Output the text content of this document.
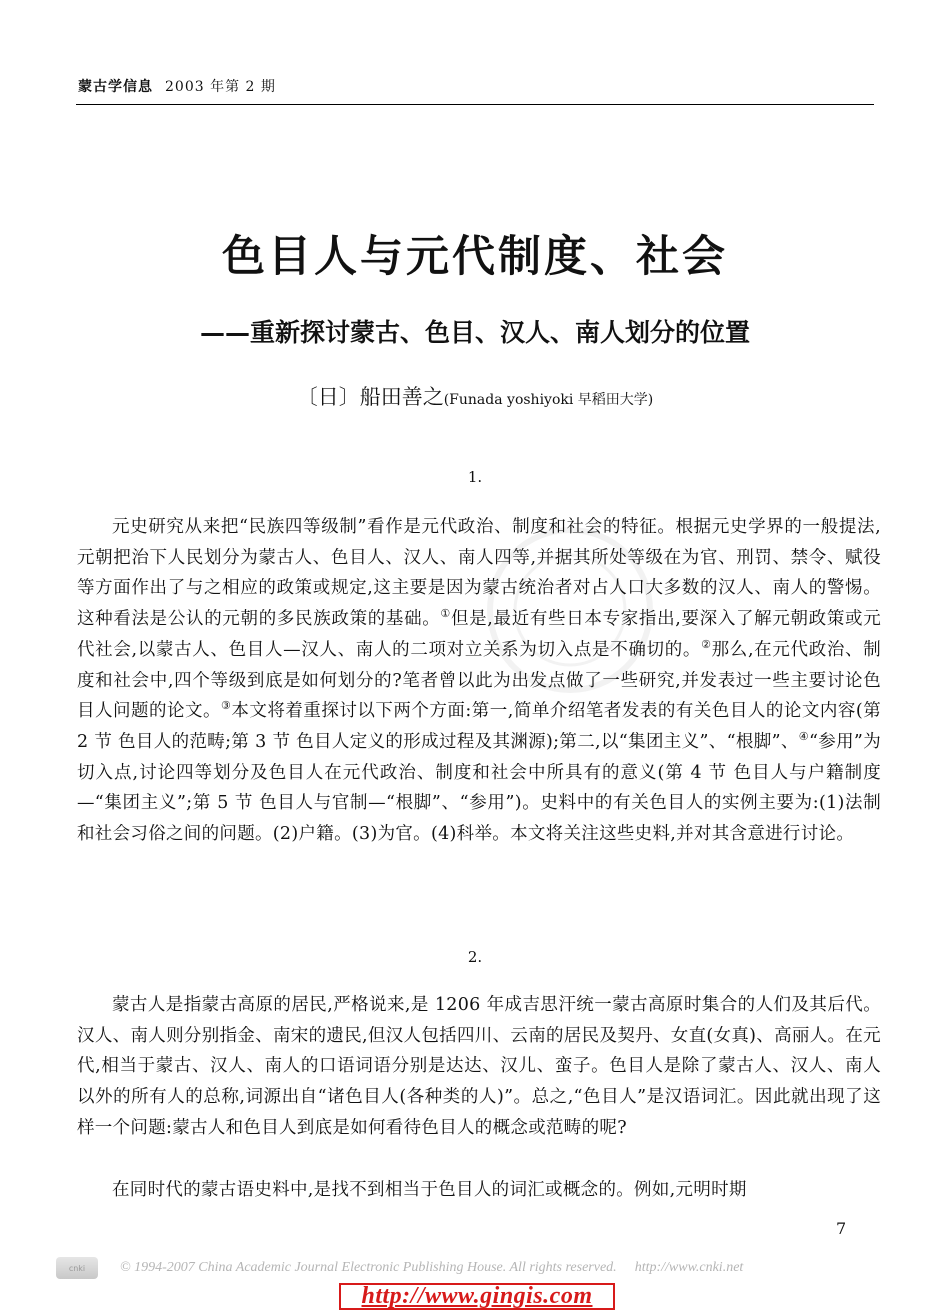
蒙古学信息 2003 年第 2 期
色目人与元代制度、社会
——重新探讨蒙古、色目、汉人、南人划分的位置
〔日〕船田善之(Funada yoshiyoki 早稻田大学)
1.

元史研究从来把“民族四等级制”看作是元代政治、制度和社会的特征。根据元史学界的一般提法,元朝把治下人民划分为蒙古人、色目人、汉人、南人四等,并据其所处等级在为官、刑罚、禁令、赋役等方面作出了与之相应的政策或规定,这主要是因为蒙古统治者对占人口大多数的汉人、南人的警惕。这种看法是公认的元朝的多民族政策的基础。①但是,最近有些日本专家指出,要深入了解元朝政策或元代社会,以蒙古人、色目人—汉人、南人的二项对立关系为切入点是不确切的。②那么,在元代政治、制度和社会中,四个等级到底是如何划分的?笔者曾以此为出发点做了一些研究,并发表过一些主要讨论色目人问题的论文。③本文将着重探讨以下两个方面:第一,简单介绍笔者发表的有关色目人的论文内容(第 2 节 色目人的范畴;第 3 节 色目人定义的形成过程及其渊源);第二,以“集团主义”、“根脚”、④“参用”为切入点,讨论四等划分及色目人在元代政治、制度和社会中所具有的意义(第 4 节 色目人与户籍制度—“集团主义”;第 5 节 色目人与官制—“根脚”、“参用”)。史料中的有关色目人的实例主要为:(1)法制和社会习俗之间的问题。(2)户籍。(3)为官。(4)科举。本文将关注这些史料,并对其含意进行讨论。

2.

蒙古人是指蒙古高原的居民,严格说来,是 1206 年成吉思汗统一蒙古高原时集合的人们及其后代。汉人、南人则分别指金、南宋的遗民,但汉人包括四川、云南的居民及契丹、女直(女真)、高丽人。在元代,相当于蒙古、汉人、南人的口语词语分别是达达、汉儿、蛮子。色目人是除了蒙古人、汉人、南人以外的所有人的总称,词源出自“诸色目人(各种类的人)”。总之,“色目人”是汉语词汇。因此就出现了这样一个问题:蒙古人和色目人到底是如何看待色目人的概念或范畴的呢?

在同时代的蒙古语史料中,是找不到相当于色目人的词汇或概念的。例如,元明时期

7
cnki © 1994-2007 China Academic Journal Electronic Publishing House. All rights reserved. http://www.cnki.net
http://www.gingis.com
